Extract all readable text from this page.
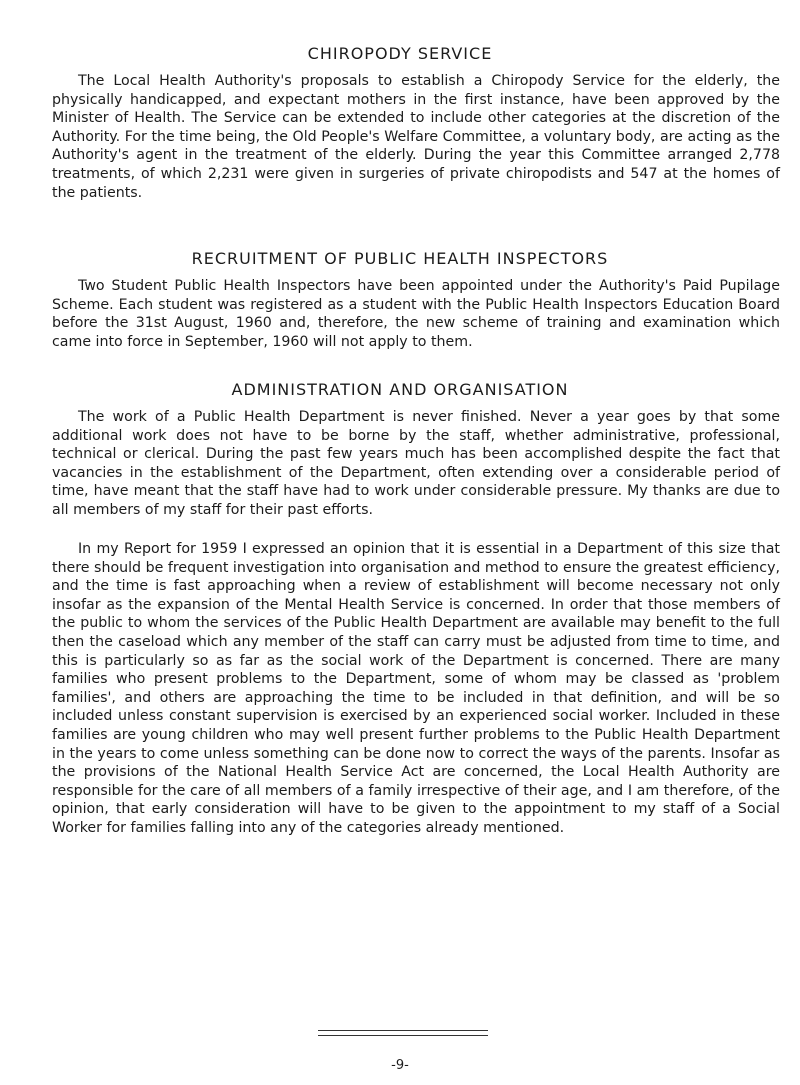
CHIROPODY SERVICE

The Local Health Authority's proposals to establish a Chiropody Service for the elderly, the physically handicapped, and expectant mothers in the first instance, have been approved by the Minister of Health. The Service can be extended to include other categories at the discretion of the Authority. For the time being, the Old People's Welfare Committee, a voluntary body, are acting as the Authority's agent in the treatment of the elderly. During the year this Committee arranged 2,778 treatments, of which 2,231 were given in surgeries of private chiropodists and 547 at the homes of the patients.

RECRUITMENT OF PUBLIC HEALTH INSPECTORS

Two Student Public Health Inspectors have been appointed under the Authority's Paid Pupilage Scheme. Each student was registered as a student with the Public Health Inspectors Education Board before the 31st August, 1960 and, therefore, the new scheme of training and examination which came into force in September, 1960 will not apply to them.

ADMINISTRATION AND ORGANISATION

The work of a Public Health Department is never finished. Never a year goes by that some additional work does not have to be borne by the staff, whether administrative, professional, technical or clerical. During the past few years much has been accomplished despite the fact that vacancies in the establishment of the Department, often extending over a considerable period of time, have meant that the staff have had to work under considerable pressure. My thanks are due to all members of my staff for their past efforts.

In my Report for 1959 I expressed an opinion that it is essential in a Department of this size that there should be frequent investigation into organisation and method to ensure the greatest efficiency, and the time is fast approaching when a review of establishment will become necessary not only insofar as the expansion of the Mental Health Service is concerned. In order that those members of the public to whom the services of the Public Health Department are available may benefit to the full then the caseload which any member of the staff can carry must be adjusted from time to time, and this is particularly so as far as the social work of the Department is concerned. There are many families who present problems to the Department, some of whom may be classed as 'problem families', and others are approaching the time to be included in that definition, and will be so included unless constant supervision is exercised by an experienced social worker. Included in these families are young children who may well present further problems to the Public Health Department in the years to come unless something can be done now to correct the ways of the parents. Insofar as the provisions of the National Health Service Act are concerned, the Local Health Authority are responsible for the care of all members of a family irrespective of their age, and I am therefore, of the opinion, that early consideration will have to be given to the appointment to my staff of a Social Worker for families falling into any of the categories already mentioned.

-9-
